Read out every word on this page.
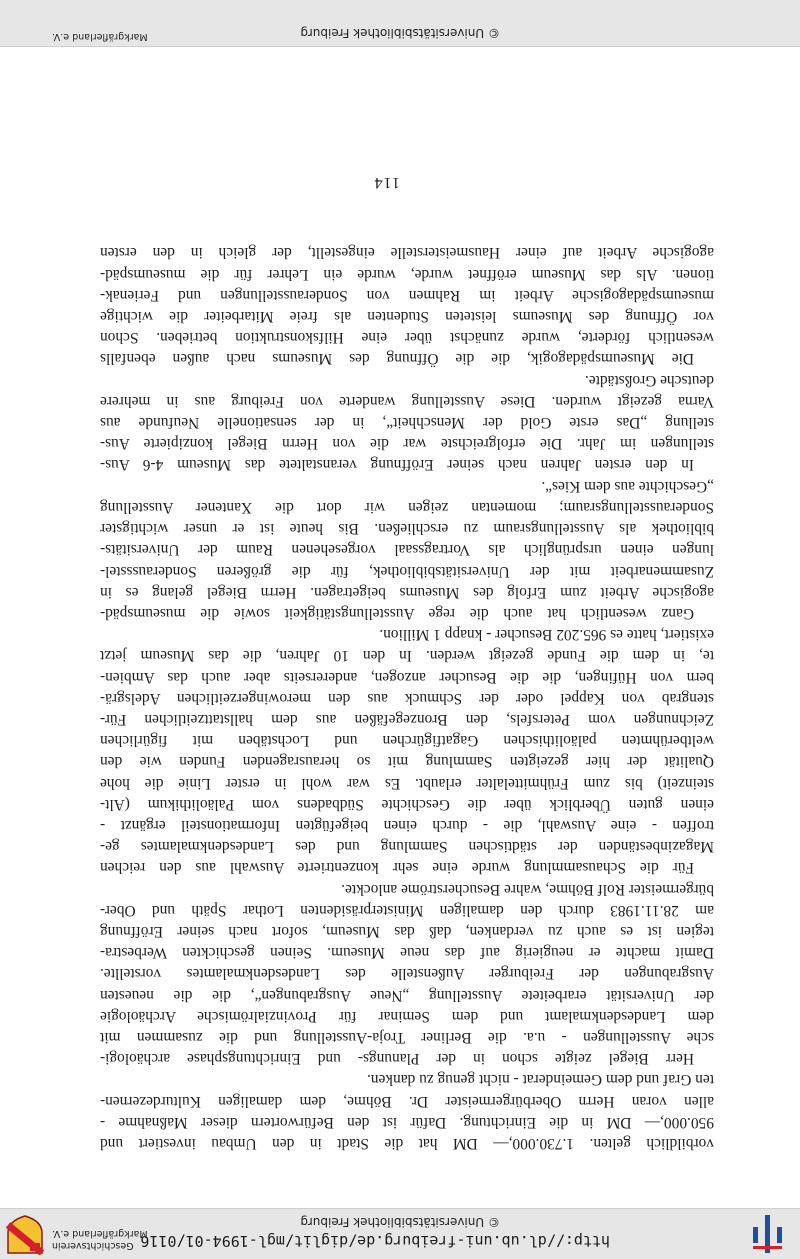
http://dl.ub.uni-freiburg.de/diglit/mgl-1994-01/0116
© Universitätsbibliothek Freiburg
Geschichtsverein
Markgräflerland e.V.
vorbildlich gelten. 1.730.000,— DM hat die Stadt in den Umbau investiert und
950.000,— DM in die Einrichtung. Dafür ist den Befürwortern dieser Maßnahme -
allen voran Herrn Oberbürgermeister Dr. Böhme, dem damaligen Kulturdezernen-
ten Graf und dem Gemeinderat - nicht genug zu danken.
Herr Biegel zeigte schon in der Planungs- und Einrichtungsphase archäologi-
sche Ausstellungen - u.a. die Berliner Troja-Ausstellung und die zusammen mit
dem Landesdenkmalamt und dem Seminar für Provinzialrömische Archäologie
der Universität erarbeitete Ausstellung „Neue Ausgrabungen“, die die neuesten
Ausgrabungen der Freiburger Außenstelle des Landesdenkmalamtes vorstellte.
Damit machte er neugierig auf das neue Museum. Seinen geschickten Werbestra-
tegien ist es auch zu verdanken, daß das Museum, sofort nach seiner Eröffnung
am 28.11.1983 durch den damaligen Ministerpräsidenten Lothar Späth und Ober-
bürgermeister Rolf Böhme, wahre Besucherströme anlockte.
Für die Schausammlung wurde eine sehr konzentrierte Auswahl aus den reichen
Magazinbeständen der städtischen Sammlung und des Landesdenkmalamtes ge-
troffen - eine Auswahl, die - durch einen beigefügten Informationsteil ergänzt -
einen guten Überblick über die Geschichte Südbadens vom Paläolithikum (Alt-
steinzeit) bis zum Frühmittelalter erlaubt. Es war wohl in erster Linie die hohe
Qualität der hier gezeigten Sammlung mit so herausragenden Funden wie den
weltberühmten paläolithischen Gagatfigürchen und Lochstäben mit figürlichen
Zeichnungen vom Petersfels, den Bronzegefäßen aus dem hallstattzeitlichen Für-
stengrab von Kappel oder der Schmuck aus den merowingerzeitlichen Adelsgrä-
bern von Hüfingen, die die Besucher anzogen, andererseits aber auch das Ambien-
te, in dem die Funde gezeigt werden. In den 10 Jahren, die das Museum jetzt
existiert, hatte es 965.202 Besucher - knapp 1 Million.
Ganz wesentlich hat auch die rege Ausstellungstätigkeit sowie die museumspäd-
agogische Arbeit zum Erfolg des Museums beigetragen. Herrn Biegel gelang es in
Zusammenarbeit mit der Universitätsbibliothek, für die größeren Sonderaussstel-
lungen einen ursprünglich als Vortragssaal vorgesehenen Raum der Universitäts-
bibliothek als Ausstellungsraum zu erschließen. Bis heute ist er unser wichtigster
Sonderausstellungsraum; momentan zeigen wir dort die Xantener Ausstellung
„Geschichte aus dem Kies“.
In den ersten Jahren nach seiner Eröffnung veranstaltete das Museum 4-6 Aus-
stellungen im Jahr. Die erfolgreichste war die von Herrn Biegel konzipierte Aus-
stellung „Das erste Gold der Menschheit“, in der sensationelle Neufunde aus
Varna gezeigt wurden. Diese Ausstellung wanderte von Freiburg aus in mehrere
deutsche Großstädte.
Die Museumspädagogik, die die Öffnung des Museums nach außen ebenfalls
wesentlich förderte, wurde zunächst über eine Hilfskonstruktion betrieben. Schon
vor Öffnung des Museums leisteten Studenten als freie Mitarbeiter die wichtige
museumspädagogische Arbeit im Rahmen von Sonderausstellungen und Ferienak-
tionen. Als das Museum eröffnet wurde, wurde ein Lehrer für die museumspäd-
agogische Arbeit auf einer Hausmeisterstelle eingestellt, der gleich in den ersten
114
© Universitätsbibliothek Freiburg
Markgräflerland e.V.
